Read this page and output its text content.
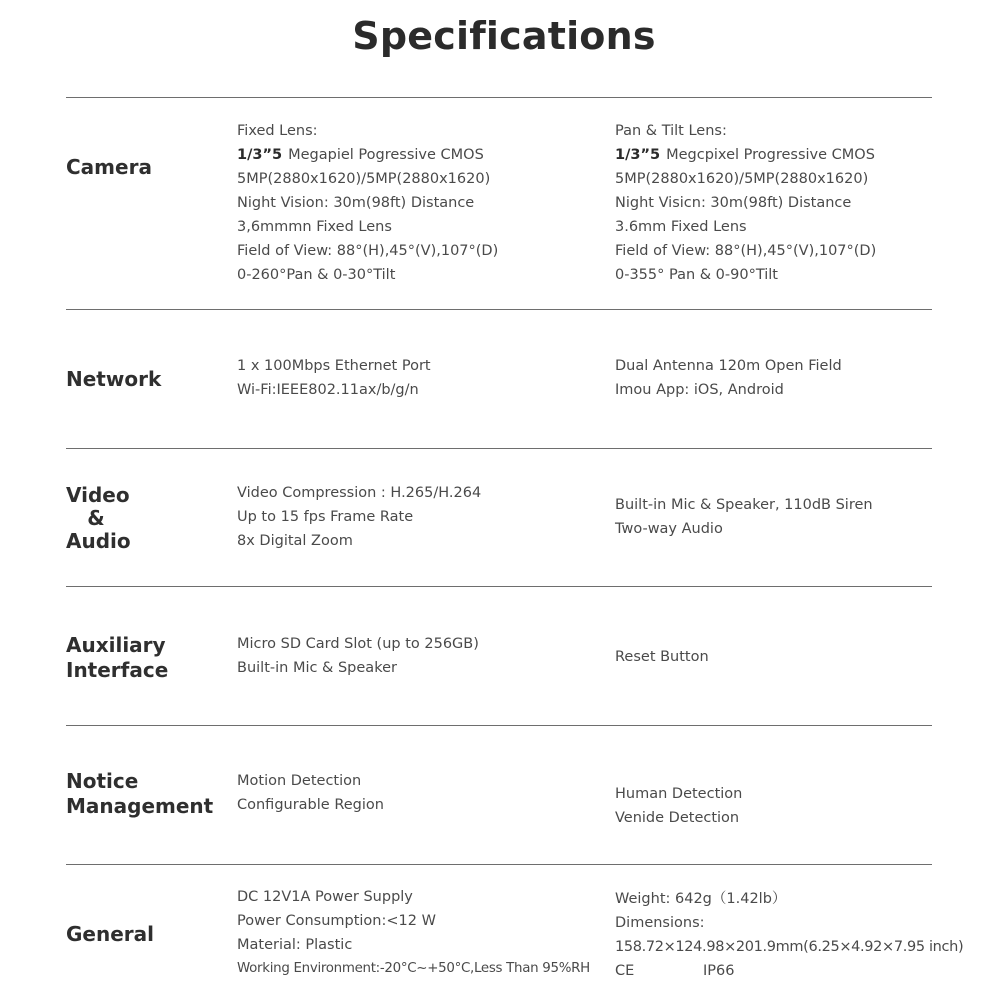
Specifications
Camera
Fixed Lens:
1/3”5 Megapiel Pogressive CMOS
5MP(2880x1620)/5MP(2880x1620)
Night Vision: 30m(98ft) Distance
3,6mmmn Fixed Lens
Field of View: 88°(H),45°(V),107°(D)
0-260°Pan & 0-30°Tilt
Pan & Tilt Lens:
1/3”5 Megcpixel Progressive CMOS
5MP(2880x1620)/5MP(2880x1620)
Night Visicn: 30m(98ft) Distance
3.6mm Fixed Lens
Field of View: 88°(H),45°(V),107°(D)
0-355° Pan & 0-90°Tilt
Network
1 x 100Mbps Ethernet Port
Wi-Fi:IEEE802.11ax/b/g/n
Dual Antenna 120m Open Field
Imou App: iOS, Android
Video
&
Audio
Video Compression : H.265/H.264
Up to 15 fps Frame Rate
8x Digital Zoom
Built-in Mic & Speaker, 110dB Siren
Two-way Audio
Auxiliary
Interface
Micro SD Card Slot (up to 256GB)
Built-in Mic & Speaker
Reset Button
Notice
Management
Motion Detection
Configurable Region
Human Detection
Venide Detection
General
DC 12V1A Power Supply
Power Consumption:<12 W
Material: Plastic
Working Environment:-20°C~+50°C,Less Than 95%RH
Weight: 642g（1.42lb）
Dimensions:
158.72×124.98×201.9mm(6.25×4.92×7.95 inch)
CE	IP66
